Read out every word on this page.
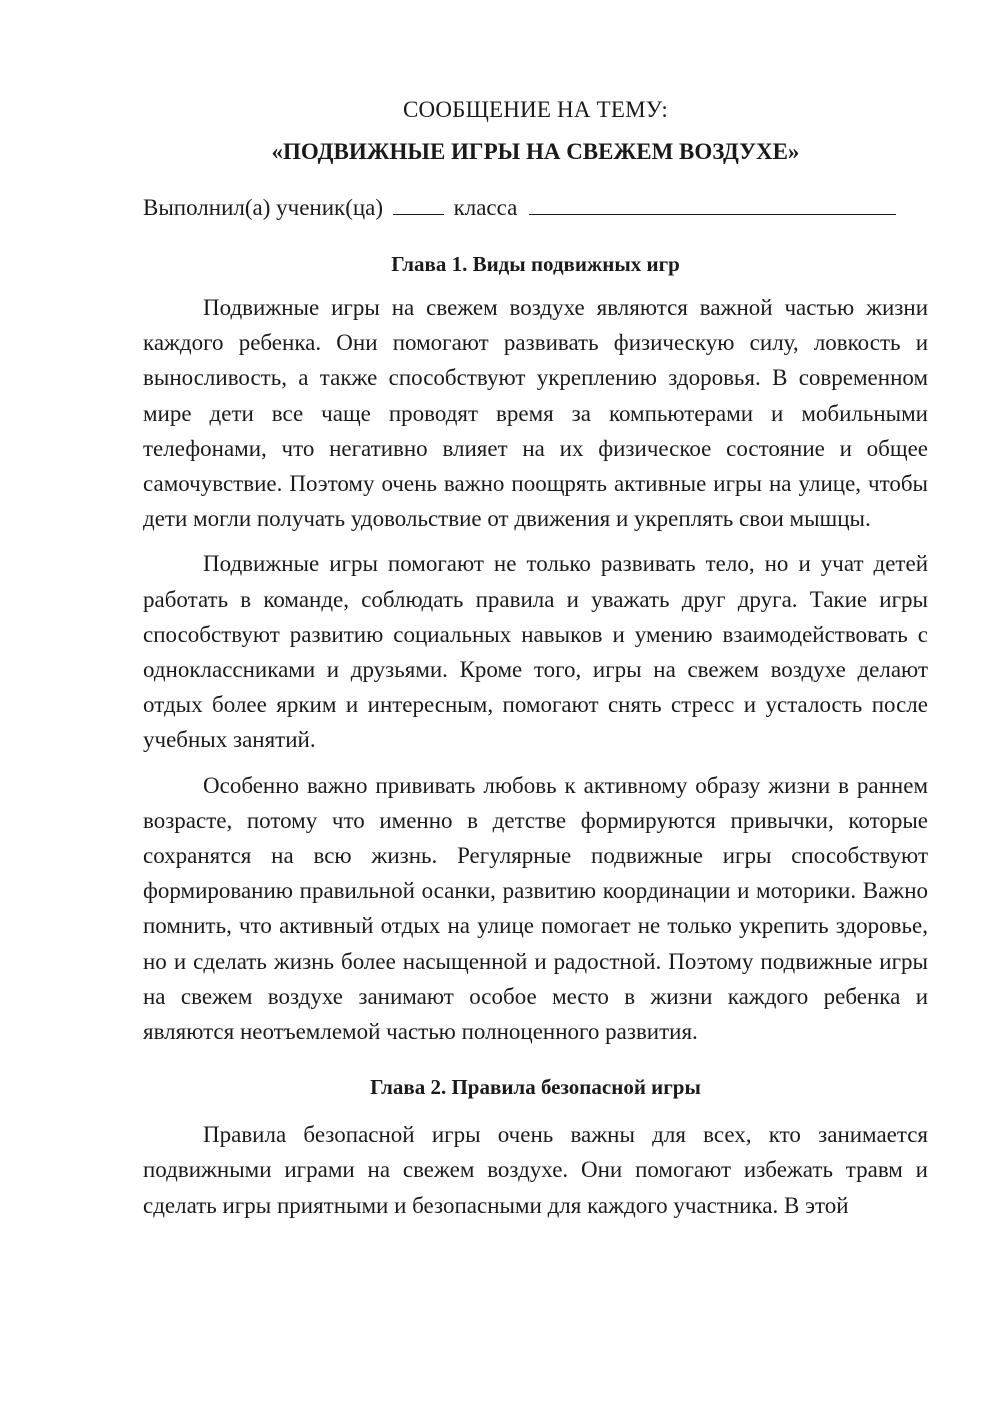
СООБЩЕНИЕ НА ТЕМУ:
«ПОДВИЖНЫЕ ИГРЫ НА СВЕЖЕМ ВОЗДУХЕ»
Выполнил(а) ученик(ца)	класса
Глава 1. Виды подвижных игр

Подвижные игры на свежем воздухе являются важной частью жизни каждого ребенка. Они помогают развивать физическую силу, ловкость и выносливость, а также способствуют укреплению здоровья. В современном мире дети все чаще проводят время за компьютерами и мобильными телефонами, что негативно влияет на их физическое состояние и общее самочувствие. Поэтому очень важно поощрять активные игры на улице, чтобы дети могли получать удовольствие от движения и укреплять свои мышцы.

Подвижные игры помогают не только развивать тело, но и учат детей работать в команде, соблюдать правила и уважать друг друга. Такие игры способствуют развитию социальных навыков и умению взаимодействовать с одноклассниками и друзьями. Кроме того, игры на свежем воздухе делают отдых более ярким и интересным, помогают снять стресс и усталость после учебных занятий.

Особенно важно прививать любовь к активному образу жизни в раннем возрасте, потому что именно в детстве формируются привычки, которые сохранятся на всю жизнь. Регулярные подвижные игры способствуют формированию правильной осанки, развитию координации и моторики. Важно помнить, что активный отдых на улице помогает не только укрепить здоровье, но и сделать жизнь более насыщенной и радостной. Поэтому подвижные игры на свежем воздухе занимают особое место в жизни каждого ребенка и являются неотъемлемой частью полноценного развития.

Глава 2. Правила безопасной игры

Правила безопасной игры очень важны для всех, кто занимается подвижными играми на свежем воздухе. Они помогают избежать травм и сделать игры приятными и безопасными для каждого участника. В этой
